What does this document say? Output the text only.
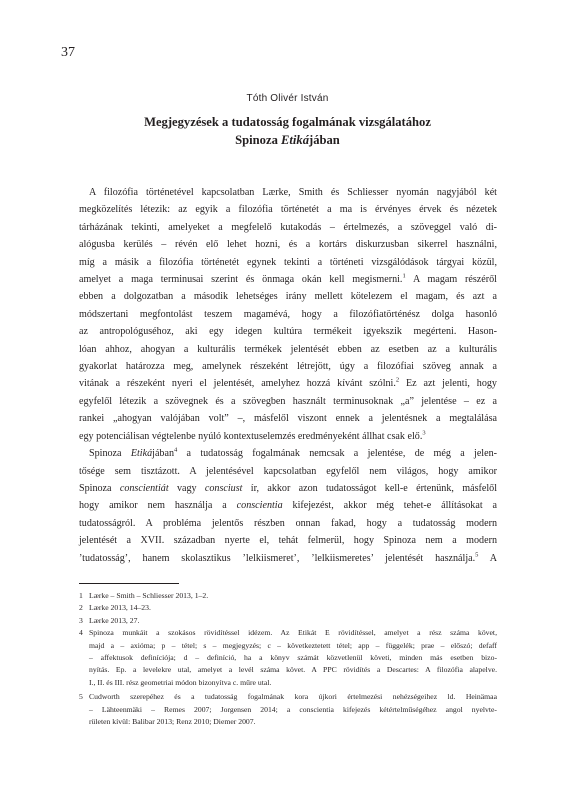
37
Tóth Olivér István
Megjegyzések a tudatosság fogalmának vizsgálatához
Spinoza Etikájában

A filozófia történetével kapcsolatban Lærke, Smith és Schliesser nyomán nagyjából két
megközelítés létezik: az egyik a filozófia történetét a ma is érvényes érvek és nézetek
tárházának tekinti, amelyeket a megfelelő kutakodás – értelmezés, a szöveggel való di-
alógusba kerülés – révén elő lehet hozni, és a kortárs diskurzusban sikerrel használni,
míg a másik a filozófia történetét egynek tekinti a történeti vizsgálódások tárgyai közül,
amelyet a maga terminusai szerint és önmaga okán kell megismerni.$^1$ A magam részéről
ebben a dolgozatban a második lehetséges irány mellett kötelezem el magam, és azt a
módszertani megfontolást teszem magamévá, hogy a filozófiatörténész dolga hasonló
az antropológuséhoz, aki egy idegen kultúra termékeit igyekszik megérteni. Hason-
lóan ahhoz, ahogyan a kulturális termékek jelentését ebben az esetben az a kulturális
gyakorlat határozza meg, amelynek részeként létrejött, úgy a filozófiai szöveg annak a
vitának a részeként nyeri el jelentését, amelyhez hozzá kívánt szólni.$^2$ Ez azt jelenti, hogy
egyfelől létezik a szövegnek és a szövegben használt terminusoknak „a” jelentése – ez a
rankei „ahogyan valójában volt” –, másfelől viszont ennek a jelentésnek a megtalálása
egy potenciálisan végtelenbe nyúló kontextuselemzés eredményeként állhat csak elő.$^3$

Spinoza Etikájában$^4$ a tudatosság fogalmának nemcsak a jelentése, de még a jelen-
tősége sem tisztázott. A jelentésével kapcsolatban egyfelől nem világos, hogy amikor
Spinoza conscientiát vagy consciust ír, akkor azon tudatosságot kell-e értenünk, másfelől
hogy amikor nem használja a conscientia kifejezést, akkor még tehet-e állításokat a
tudatosságról. A probléma jelentős részben onnan fakad, hogy a tudatosság modern
jelentését a XVII. században nyerte el, tehát felmerül, hogy Spinoza nem a modern
’tudatosság’, hanem skolasztikus ’lelkiismeret’, ’lelkiismeretes’ jelentését használja.$^5$ A

1 Lærke – Smith – Schliesser 2013, 1–2.
2 Lærke 2013, 14–23.
3 Lærke 2013, 27.
4 Spinoza munkáit a szokásos rövidítéssel idézem. Az Etikát E rövidítéssel, amelyet a rész száma követ,
majd a – axióma; p – tétel; s – megjegyzés; c – következtetett tétel; app – függelék; prae – előszó; defaff
– affektusok definíciója; d – definíció, ha a könyv számát közvetlenül követi, minden más esetben bizo-
nyítás. Ep. a levelekre utal, amelyet a levél száma követ. A PPC rövidítés a Descartes: A filozófia alapelve.
I., II. és III. rész geometriai módon bizonyítva c. műre utal.
5 Cudworth szerepéhez és a tudatosság fogalmának kora újkori értelmezési nehézségeihez ld. Heinämaa
– Lähteenmäki – Remes 2007; Jorgensen 2014; a conscientia kifejezés kétértelműségéhez angol nyelvte-
rületen kívül: Balibar 2013; Renz 2010; Diemer 2007.
